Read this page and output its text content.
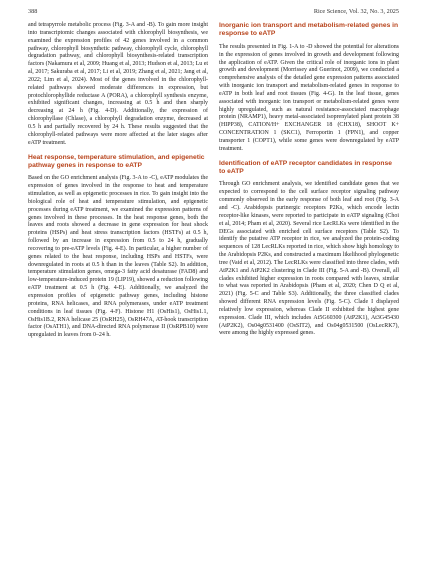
388	Rice Science, Vol. 32, No. 3, 2025

and tetrapyrrole metabolic process (Fig. 3-A and -B). To gain more insight into transcriptomic changes associated with chlorophyll biosynthesis, we examined the expression profiles of 42 genes involved in a common pathway, chlorophyll biosynthetic pathway, chlorophyll cycle, chlorophyll degradation pathway, and chlorophyll biosynthesis-related transcription factors (Nakamura et al, 2009; Huang et al, 2013; Hudson et al, 2013; Lu et al, 2017; Sakuraba et al, 2017; Li et al, 2019; Zhang et al, 2021; Jang et al, 2022; Lim et al, 2024). Most of the genes involved in the chlorophyll-related pathways showed moderate differences in expression, but protochlorophyllide reductase A (PORA), a chlorophyll synthesis enzyme, exhibited significant changes, increasing at 0.5 h and then sharply decreasing at 24 h (Fig. 4-D). Additionally, the expression of chlorophyllase (Chlase), a chlorophyll degradation enzyme, decreased at 0.5 h and partially recovered by 24 h. These results suggested that the chlorophyll-related pathways were more affected at the later stages after eATP treatment.

Heat response, temperature stimulation, and epigenetic pathway genes in response to eATP

Based on the GO enrichment analysis (Fig. 3-A to -C), eATP modulates the expression of genes involved in the response to heat and temperature stimulation, as well as epigenetic processes in rice. To gain insight into the biological role of heat and temperature stimulation, and epigenetic processes during eATP treatment, we examined the expression patterns of genes involved in these processes. In the heat response genes, both the leaves and roots showed a decrease in gene expression for heat shock proteins (HSPs) and heat stress transcription factors (HSTFs) at 0.5 h, followed by an increase in expression from 0.5 to 24 h, gradually recovering to pre-eATP levels (Fig. 4-E). In particular, a higher number of genes related to the heat response, including HSPs and HSTFs, were downregulated in roots at 0.5 h than in the leaves (Table S2). In addition, temperature stimulation genes, omega-3 fatty acid desaturase (FAD8) and low-temperature-induced protein 19 (LIP19), showed a reduction following eATP treatment at 0.5 h (Fig. 4-E). Additionally, we analyzed the expression profiles of epigenetic pathway genes, including histone proteins, RNA helicases, and RNA polymerases, under eATP treatment conditions in leaf tissues (Fig. 4-F). Histone H1 (OsHis1), OsHis1.1, OsHis1B.2, RNA helicase 25 (OsRH25), OsRH47A, AT-hook transcription factor (OsATH1), and DNA-directed RNA polymerase II (OsRPB10) were upregulated in leaves from 0–24 h.

Inorganic ion transport and metabolism-related genes in response to eATP

The results presented in Fig. 1-A to -D showed the potential for alterations in the expression of genes involved in growth and development following the application of eATP. Given the critical role of inorganic ions in plant growth and development (Morrissey and Guerinot, 2009), we conducted a comprehensive analysis of the detailed gene expression patterns associated with inorganic ion transport and metabolism-related genes in response to eATP in both leaf and root tissues (Fig. 4-G). In the leaf tissue, genes associated with inorganic ion transport or metabolism-related genes were highly upregulated, such as natural resistance-associated macrophage protein (NRAMP1), heavy metal-associated isoprenylated plant protein 38 (HIPP38), CATION/H+ EXCHANGER 18 (CHX18), SHOOT K+ CONCENTRATION 1 (SKC1), Ferroportin 1 (FPN1), and copper transporter 1 (COPT1), while some genes were downregulated by eATP treatment.

Identification of eATP receptor candidates in response to eATP

Through GO enrichment analysis, we identified candidate genes that we expected to correspond to the cell surface receptor signaling pathway commonly observed in the early response of both leaf and root (Fig. 3-A and -C). Arabidopsis purinergic receptors P2Ks, which encode lectin receptor-like kinases, were reported to participate in eATP signaling (Choi et al, 2014; Pham et al, 2020). Several rice LecRLKs were identified in the DEGs associated with enriched cell surface receptors (Table S2). To identify the putative ATP receptor in rice, we analyzed the protein-coding sequences of 128 LecRLKs reported in rice, which show high homology to the Arabidopsis P2Ks, and constructed a maximum likelihood phylogenetic tree (Vaid et al, 2012). The LecRLKs were classified into three clades, with AtP2K1 and AtP2K2 clustering in Clade III (Fig. 5-A and -B). Overall, all clades exhibited higher expression in roots compared with leaves, similar to what was reported in Arabidopsis (Pham et al, 2020; Chen D Q et al, 2021) (Fig. 5-C and Table S3). Additionally, the three classified clades showed different RNA expression levels (Fig. 5-C). Clade I displayed relatively low expression, whereas Clade II exhibited the highest gene expression. Clade III, which includes At5G60300 (AtP2K1), At3G45430 (AtP2K2), Os04g0531400 (OsSIT2), and Os04g0531500 (OsLecRK7), were among the highly expressed genes.
